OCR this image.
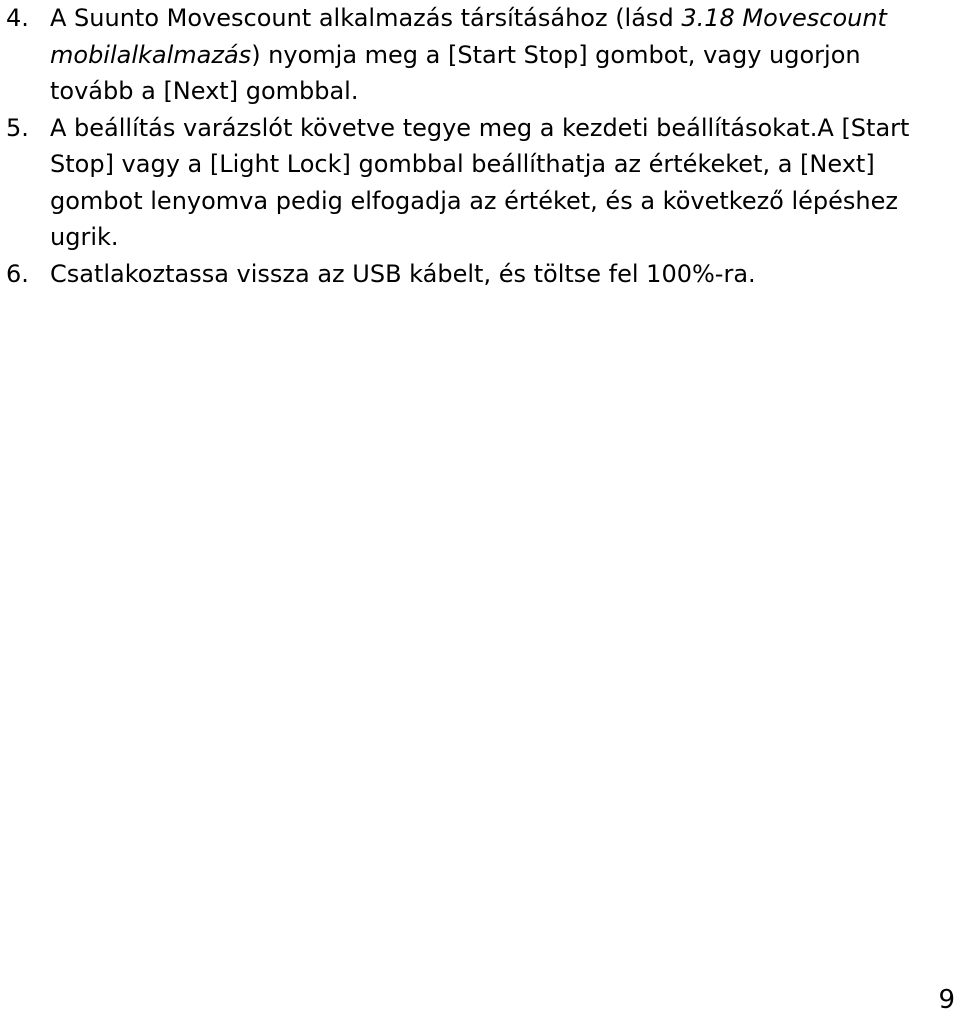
4. A Suunto Movescount alkalmazás társításához (lásd 3.18 Movescount mobilalkalmazás) nyomja meg a [Start Stop] gombot, vagy ugorjon tovább a [Next] gombbal.
5. A beállítás varázslót követve tegye meg a kezdeti beállításokat.A [Start Stop] vagy a [Light Lock] gombbal beállíthatja az értékeket, a [Next] gombot lenyomva pedig elfogadja az értéket, és a következő lépéshez ugrik.
6. Csatlakoztassa vissza az USB kábelt, és töltse fel 100%-ra.
9
